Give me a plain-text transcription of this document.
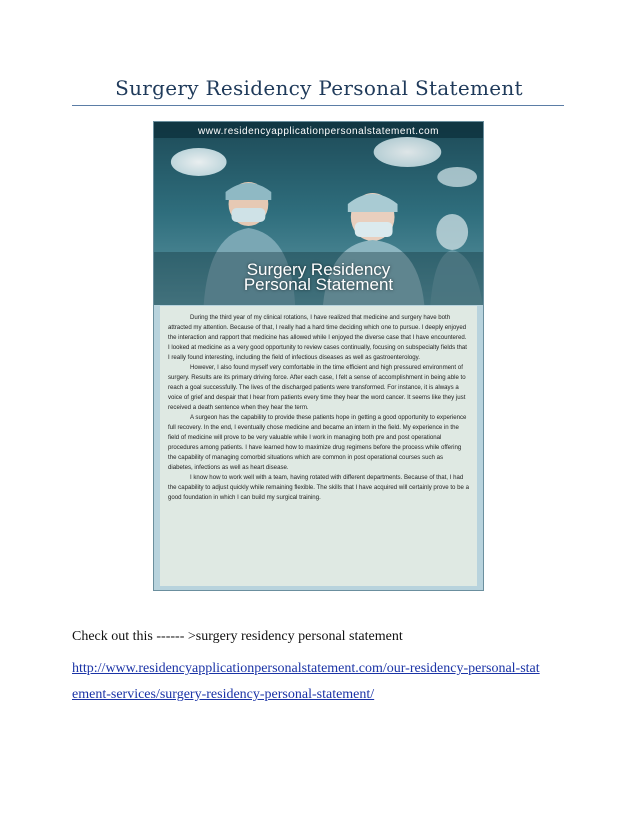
Surgery Residency Personal Statement
www.residencyapplicationpersonalstatement.com
Surgery Residency
Personal Statement

During the third year of my clinical rotations, I have realized that medicine and surgery have both attracted my attention. Because of that, I really had a hard time deciding which one to pursue. I deeply enjoyed the interaction and rapport that medicine has allowed while I enjoyed the diverse case that I have encountered. I looked at medicine as a very good opportunity to review cases continually, focusing on subspecialty fields that I really found interesting, including the field of infectious diseases as well as gastroenterology.

However, I also found myself very comfortable in the time efficient and high pressured environment of surgery. Results are its primary driving force. After each case, I felt a sense of accomplishment in being able to reach a goal successfully. The lives of the discharged patients were transformed. For instance, it is always a voice of grief and despair that I hear from patients every time they hear the word cancer. It seems like they just received a death sentence when they hear the term.

A surgeon has the capability to provide these patients hope in getting a good opportunity to experience full recovery. In the end, I eventually chose medicine and became an intern in the field. My experience in the field of medicine will prove to be very valuable while I work in managing both pre and post operational procedures among patients. I have learned how to maximize drug regimens before the process while offering the capability of managing comorbid situations which are common in post operational courses such as diabetes, infections as well as heart disease.

I know how to work well with a team, having rotated with different departments. Because of that, I had the capability to adjust quickly while remaining flexible. The skills that I have acquired will certainly prove to be a good foundation in which I can build my surgical training.

Check out this ------ >surgery residency personal statement
http://www.residencyapplicationpersonalstatement.com/our-residency-personal-statement-services/surgery-residency-personal-statement/
